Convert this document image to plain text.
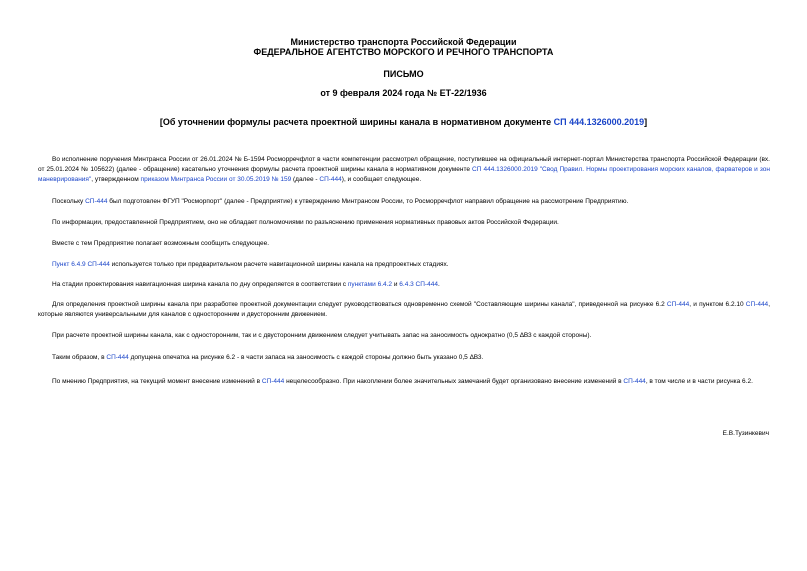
Министерство транспорта Российской Федерации
ФЕДЕРАЛЬНОЕ АГЕНТСТВО МОРСКОГО И РЕЧНОГО ТРАНСПОРТА
ПИСЬМО
от 9 февраля 2024 года № ЕТ-22/1936
[Об уточнении формулы расчета проектной ширины канала в нормативном документе СП 444.1326000.2019]
Во исполнение поручения Минтранса России от 26.01.2024 № Б-1594 Росморречфлот в части компетенции рассмотрел обращение, поступившее на официальный интернет-портал Министерства транспорта Российской Федерации (вх. от 25.01.2024 № 105622) (далее - обращение) касательно уточнения формулы расчета проектной ширины канала в нормативном документе СП 444.1326000.2019 "Свод Правил. Нормы проектирования морских каналов, фарватеров и зон маневрирования", утвержденном приказом Минтранса России от 30.05.2019 № 159 (далее - СП-444), и сообщает следующее.
Поскольку СП-444 был подготовлен ФГУП "Росморпорт" (далее - Предприятие) к утверждению Минтрансом России, то Росморречфлот направил обращение на рассмотрение Предприятию.
По информации, предоставленной Предприятием, оно не обладает полномочиями по разъяснению применения нормативных правовых актов Российской Федерации.
Вместе с тем Предприятие полагает возможным сообщить следующее.
Пункт 6.4.9 СП-444 используется только при предварительном расчете навигационной ширины канала на предпроектных стадиях.
На стадии проектирования навигационная ширина канала по дну определяется в соответствии с пунктами 6.4.2 и 6.4.3 СП-444.
Для определения проектной ширины канала при разработке проектной документации следует руководствоваться одновременно схемой "Составляющие ширины канала", приведенной на рисунке 6.2 СП-444, и пунктом 6.2.10 СП-444, которые являются универсальными для каналов с односторонним и двусторонним движением.
При расчете проектной ширины канала, как с односторонним, так и с двусторонним движением следует учитывать запас на заносимость однократно (0,5 ΔB3 с каждой стороны).
Таким образом, в СП-444 допущена опечатка на рисунке 6.2 - в части запаса на заносимость с каждой стороны должно быть указано 0,5 ΔB3.
По мнению Предприятия, на текущий момент внесение изменений в СП-444 нецелесообразно. При накоплении более значительных замечаний будет организовано внесение изменений в СП-444, в том числе и в части рисунка 6.2.
Е.В.Тузинкевич
